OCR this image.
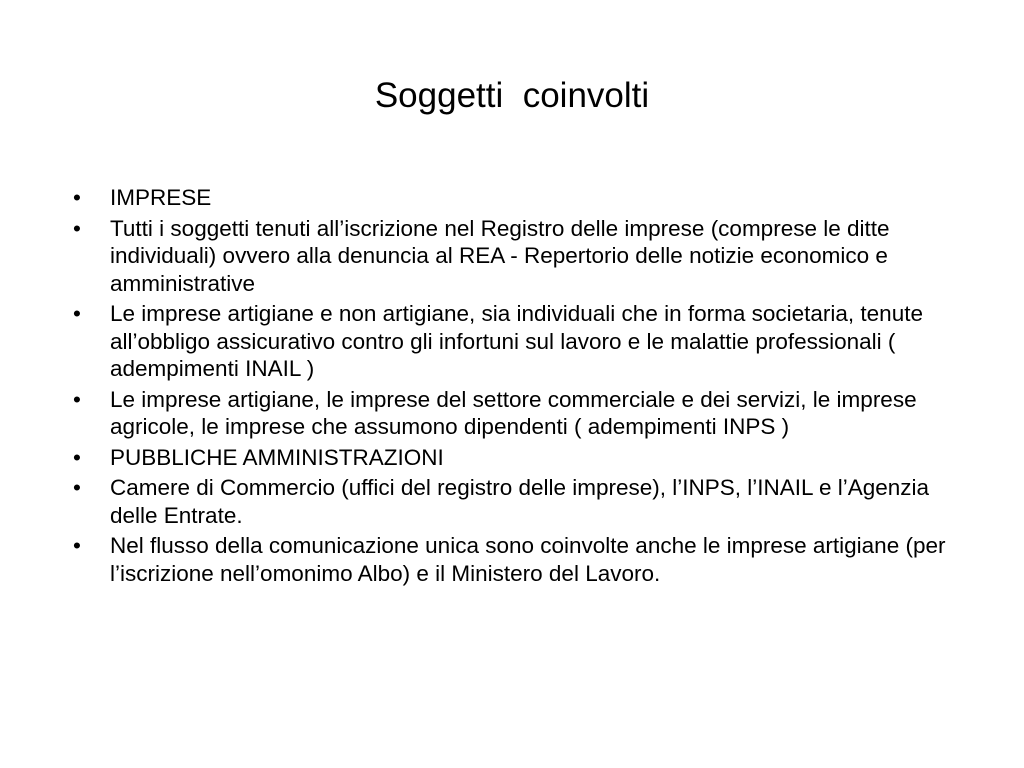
Soggetti  coinvolti
• IMPRESE
• Tutti i soggetti tenuti all’iscrizione nel Registro delle imprese (comprese le ditte individuali) ovvero alla denuncia al REA - Repertorio delle notizie economico e amministrative
• Le imprese artigiane e non artigiane, sia individuali che in forma societaria, tenute all’obbligo assicurativo contro gli infortuni sul lavoro e le malattie professionali ( adempimenti INAIL )
• Le imprese artigiane, le imprese del settore commerciale e dei servizi, le imprese agricole, le imprese che assumono dipendenti ( adempimenti INPS )
• PUBBLICHE AMMINISTRAZIONI
• Camere di Commercio (uffici del registro delle imprese), l’INPS, l’INAIL e l’Agenzia delle Entrate.
• Nel flusso della comunicazione unica sono coinvolte anche le imprese artigiane (per l’iscrizione nell’omonimo Albo) e il Ministero del Lavoro.
